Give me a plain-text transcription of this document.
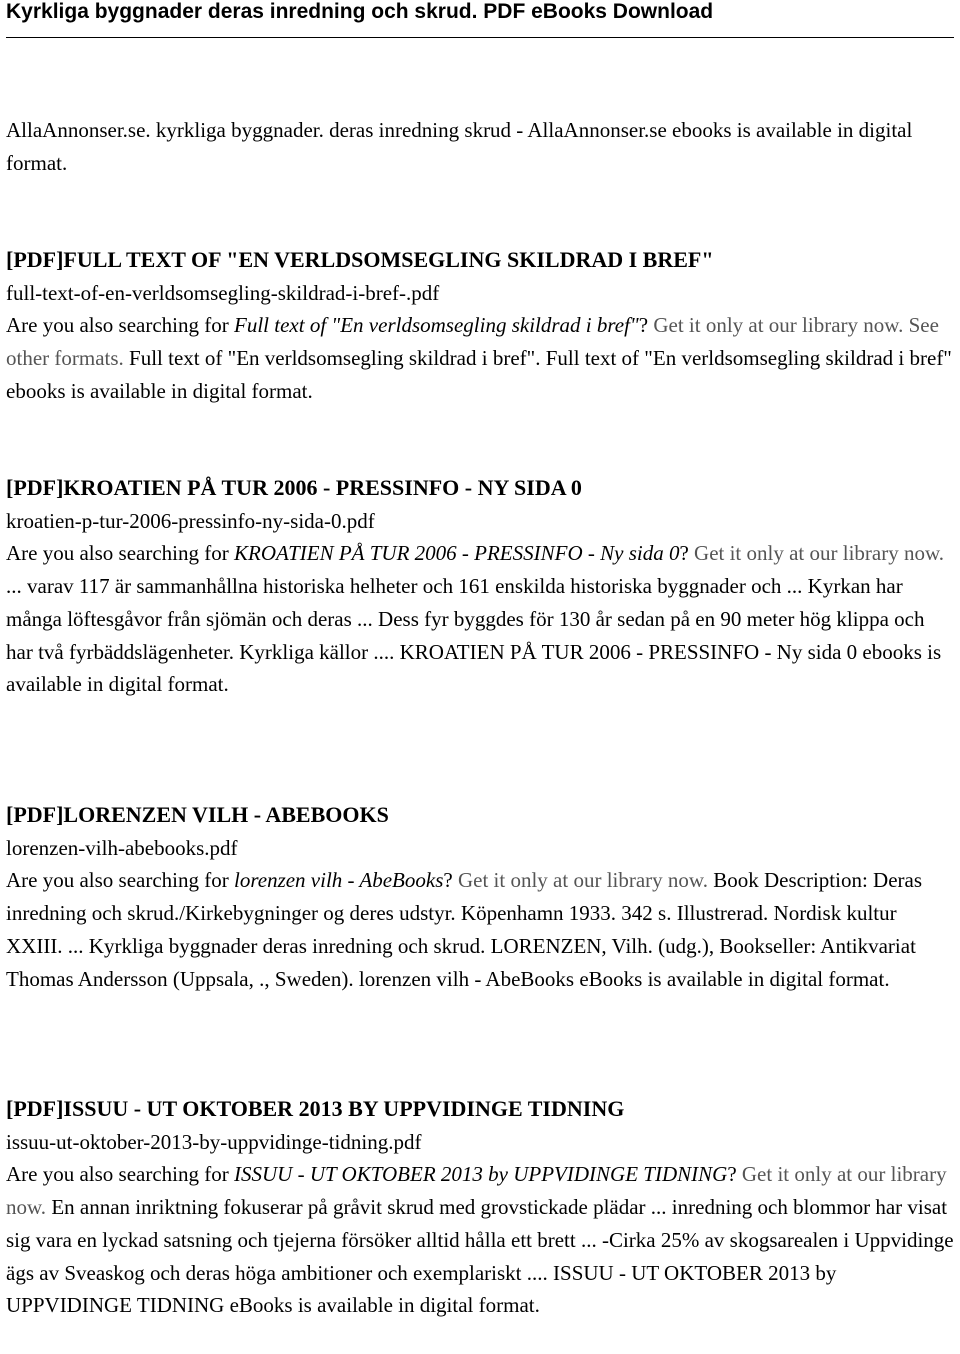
Kyrkliga byggnader deras inredning och skrud. PDF eBooks Download

AllaAnnonser.se. kyrkliga byggnader. deras inredning skrud - AllaAnnonser.se ebooks is available in digital format.

[PDF]FULL TEXT OF "EN VERLDSOMSEGLING SKILDRAD I BREF"

full-text-of-en-verldsomsegling-skildrad-i-bref-.pdf

Are you also searching for Full text of "En verldsomsegling skildrad i bref"? Get it only at our library now. See other formats. Full text of "En verldsomsegling skildrad i bref". Full text of "En verldsomsegling skildrad i bref" ebooks is available in digital format.

[PDF]KROATIEN PÅ TUR 2006 - PRESSINFO - NY SIDA 0

kroatien-p-tur-2006-pressinfo-ny-sida-0.pdf

Are you also searching for KROATIEN PÅ TUR 2006 - PRESSINFO - Ny sida 0? Get it only at our library now. ... varav 117 är sammanhållna historiska helheter och 161 enskilda historiska byggnader och ... Kyrkan har många löftesgåvor från sjömän och deras ... Dess fyr byggdes för 130 år sedan på en 90 meter hög klippa och har två fyrbäddslägenheter. Kyrkliga källor .... KROATIEN PÅ TUR 2006 - PRESSINFO - Ny sida 0 ebooks is available in digital format.

[PDF]LORENZEN VILH - ABEBOOKS

lorenzen-vilh-abebooks.pdf

Are you also searching for lorenzen vilh - AbeBooks? Get it only at our library now. Book Description: Deras inredning och skrud./Kirkebygninger og deres udstyr. Köpenhamn 1933. 342 s. Illustrerad. Nordisk kultur XXIII. ... Kyrkliga byggnader deras inredning och skrud. LORENZEN, Vilh. (udg.), Bookseller: Antikvariat Thomas Andersson (Uppsala, ., Sweden). lorenzen vilh - AbeBooks eBooks is available in digital format.

[PDF]ISSUU - UT OKTOBER 2013 BY UPPVIDINGE TIDNING

issuu-ut-oktober-2013-by-uppvidinge-tidning.pdf

Are you also searching for ISSUU - UT OKTOBER 2013 by UPPVIDINGE TIDNING? Get it only at our library now. En annan inriktning fokuserar på gråvit skrud med grovstickade plädar ... inredning och blommor har visat sig vara en lyckad satsning och tjejerna försöker alltid hålla ett brett ... -Cirka 25% av skogsarealen i Uppvidinge ägs av Sveaskog och deras höga ambitioner och exemplariskt .... ISSUU - UT OKTOBER 2013 by UPPVIDINGE TIDNING eBooks is available in digital format.
